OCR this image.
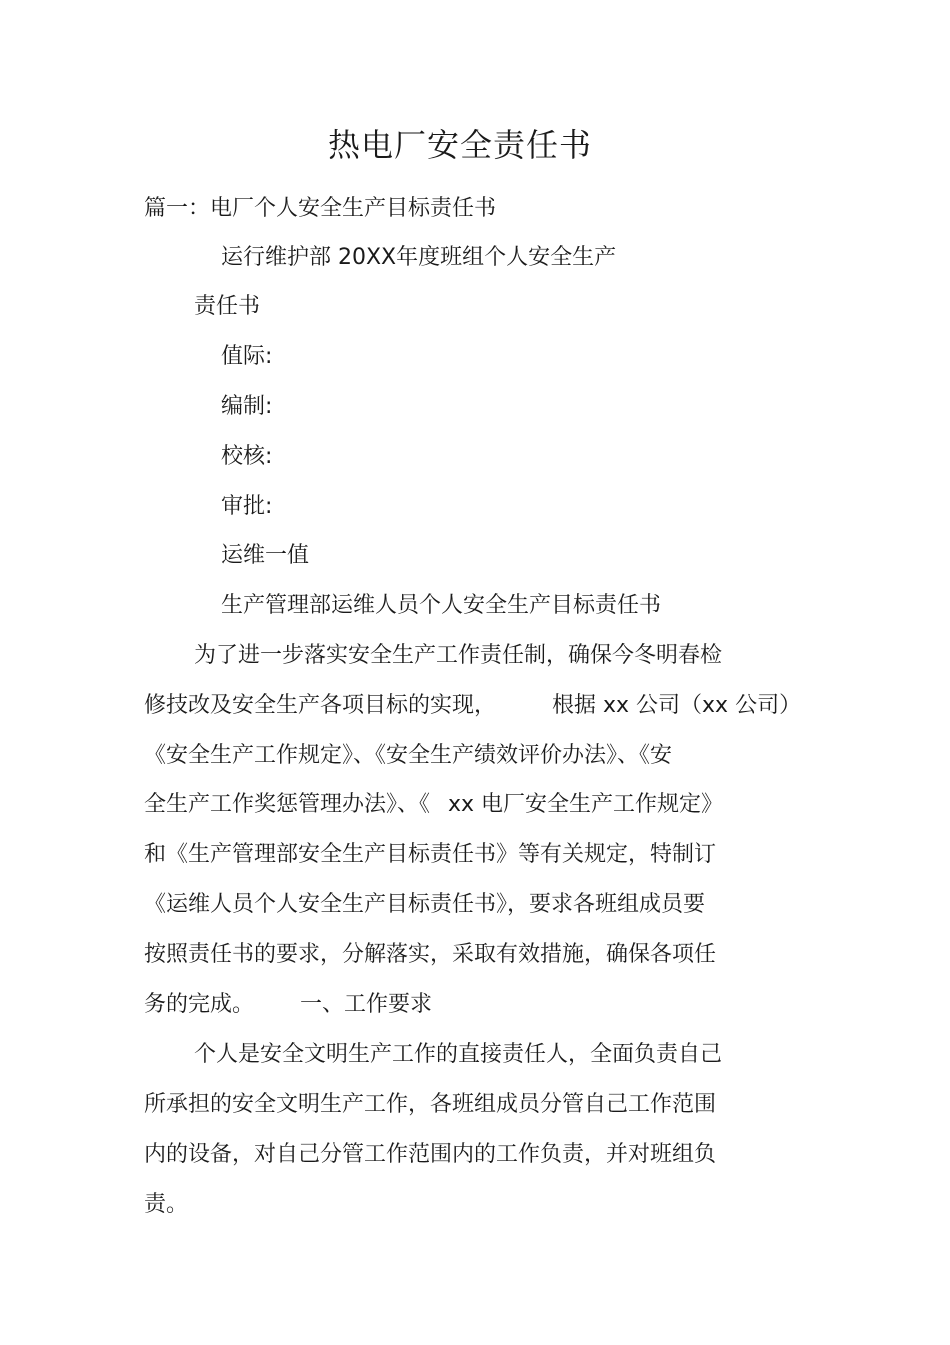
热电厂安全责任书

篇一：电厂个人安全生产目标责任书

运行维护部 20XX年度班组个人安全生产

责任书

值际:

编制:

校核:

审批:

运维一值

生产管理部运维人员个人安全生产目标责任书

为了进一步落实安全生产工作责任制，确保今冬明春检

修技改及安全生产各项目标的实现，	根据 xx 公司（xx 公司）

《安全生产工作规定》、《安全生产绩效评价办法》、《安

全生产工作奖惩管理办法》、《 xx 电厂安全生产工作规定》

和《生产管理部安全生产目标责任书》等有关规定，特制订

《运维人员个人安全生产目标责任书》，要求各班组成员要

按照责任书的要求，分解落实，采取有效措施，确保各项任

务的完成。 一、工作要求

个人是安全文明生产工作的直接责任人，全面负责自己

所承担的安全文明生产工作，各班组成员分管自己工作范围

内的设备，对自己分管工作范围内的工作负责，并对班组负

责。
